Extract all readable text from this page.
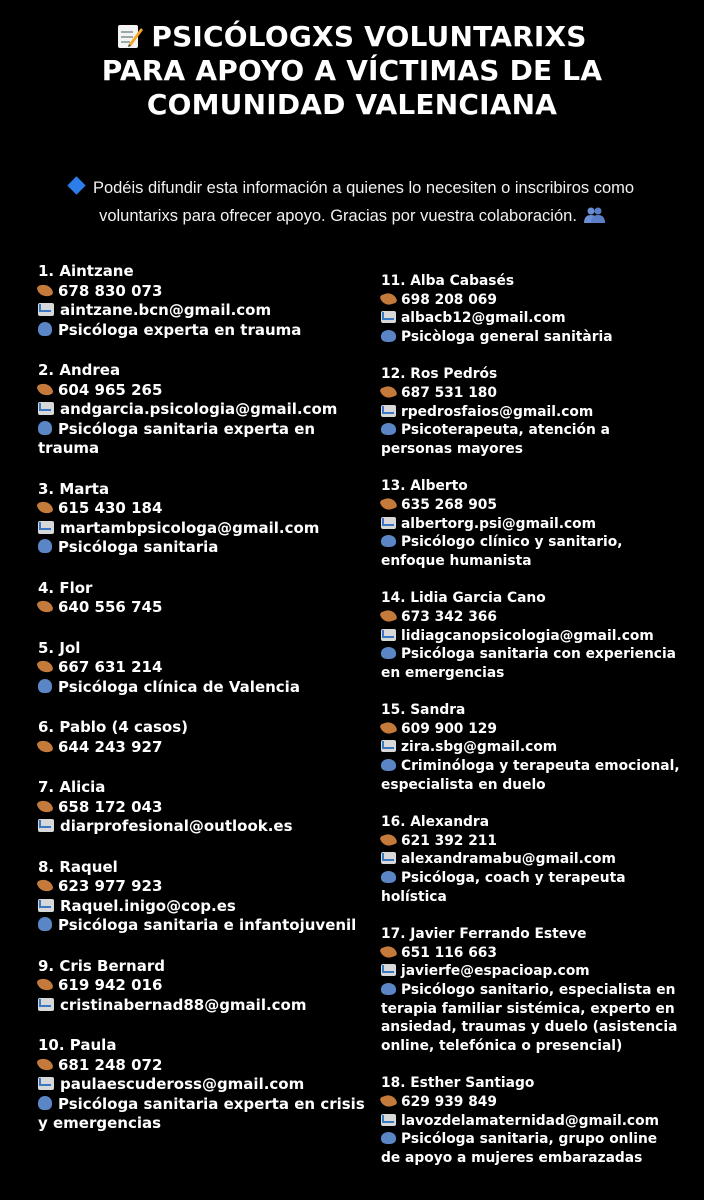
PSICÓLOGXS VOLUNTARIXS
PARA APOYO A VÍCTIMAS DE LA
COMUNIDAD VALENCIANA
Podéis difundir esta información a quienes lo necesiten o inscribiros como
voluntarixs para ofrecer apoyo. Gracias por vuestra colaboración.
1. Aintzane
678 830 073
aintzane.bcn@gmail.com
Psicóloga experta en trauma
2. Andrea
604 965 265
andgarcia.psicologia@gmail.com
Psicóloga sanitaria experta en trauma
3. Marta
615 430 184
martambpsicologa@gmail.com
Psicóloga sanitaria
4. Flor
640 556 745
5. Jol
667 631 214
Psicóloga clínica de Valencia
6. Pablo (4 casos)
644 243 927
7. Alicia
658 172 043
diarprofesional@outlook.es
8. Raquel
623 977 923
Raquel.inigo@cop.es
Psicóloga sanitaria e infantojuvenil
9. Cris Bernard
619 942 016
cristinabernad88@gmail.com
10. Paula
681 248 072
paulaescudeross@gmail.com
Psicóloga sanitaria experta en crisis y emergencias
11. Alba Cabasés
698 208 069
albacb12@gmail.com
Psicòloga general sanitària
12. Ros Pedrós
687 531 180
rpedrosfaios@gmail.com
Psicoterapeuta, atención a personas mayores
13. Alberto
635 268 905
albertorg.psi@gmail.com
Psicólogo clínico y sanitario, enfoque humanista
14. Lidia Garcia Cano
673 342 366
lidiagcanopsicologia@gmail.com
Psicóloga sanitaria con experiencia en emergencias
15. Sandra
609 900 129
zira.sbg@gmail.com
Criminóloga y terapeuta emocional, especialista en duelo
16. Alexandra
621 392 211
alexandramabu@gmail.com
Psicóloga, coach y terapeuta holística
17. Javier Ferrando Esteve
651 116 663
javierfe@espacioap.com
Psicólogo sanitario, especialista en terapia familiar sistémica, experto en ansiedad, traumas y duelo (asistencia online, telefónica o presencial)
18. Esther Santiago
629 939 849
lavozdelamaternidad@gmail.com
Psicóloga sanitaria, grupo online de apoyo a mujeres embarazadas
